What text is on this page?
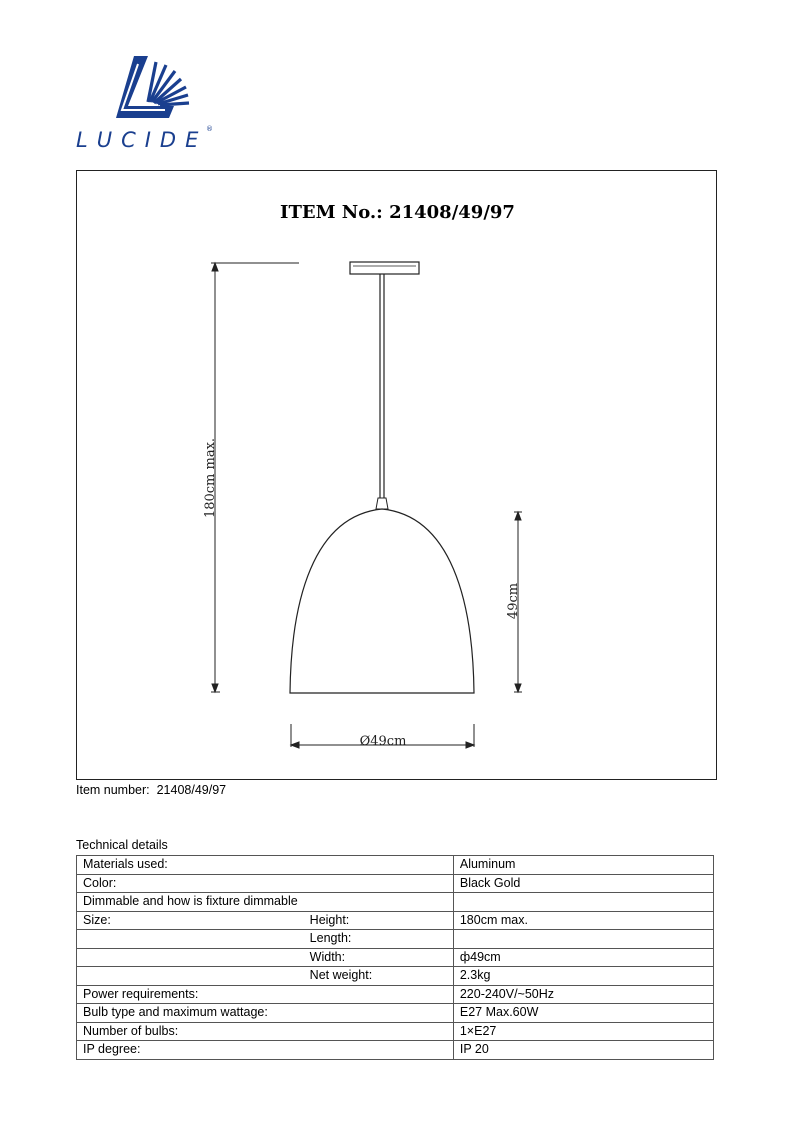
LUCIDE
®
ITEM No.: 21408/49/97
180cm max.
49cm
Ø49cm
Item number: 21408/49/97
Technical details
Materials used:		Aluminum
Color:		Black Gold
Dimmable and how is fixture dimmable		
Size:	Height:	180cm max.
	Length:	
	Width:	ф49cm
	Net weight:	2.3kg
Power requirements:		220-240V/~50Hz
Bulb type and maximum wattage:		E27 Max.60W
Number of bulbs:		1×E27
IP degree:		IP 20
